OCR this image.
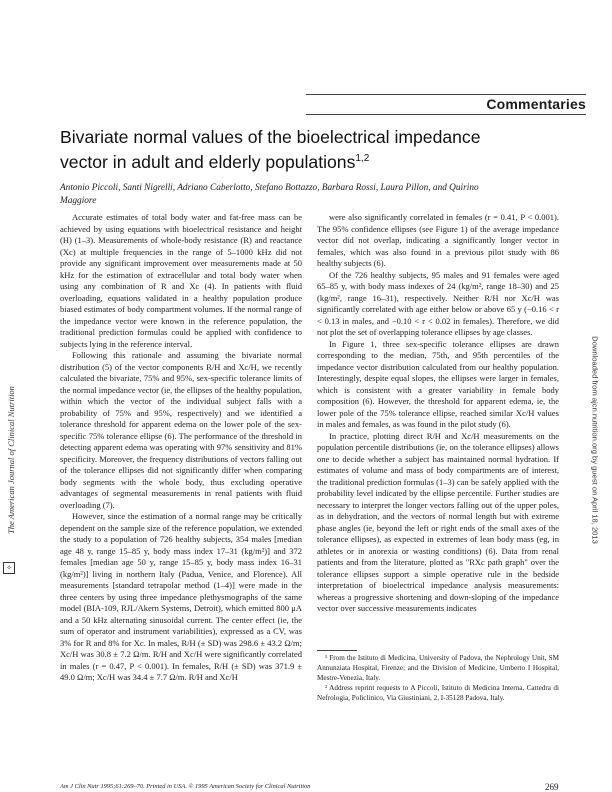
Commentaries
Bivariate normal values of the bioelectrical impedance vector in adult and elderly populations$^{1,2}$
Antonio Piccoli, Santi Nigrelli, Adriano Caberlotto, Stefano Bottazzo, Barbara Rossi, Laura Pillon, and Quirino Maggiore

Accurate estimates of total body water and fat-free mass can be achieved by using equations with bioelectrical resistance and height (H) (1–3). Measurements of whole-body resistance (R) and reactance (Xc) at multiple frequencies in the range of 5–1000 kHz did not provide any significant improvement over measurements made at 50 kHz for the estimation of extracellular and total body water when using any combination of R and Xc (4). In patients with fluid overloading, equations validated in a healthy population produce biased estimates of body compartment volumes. If the normal range of the impedance vector were known in the reference population, the traditional prediction formulas could be applied with confidence to subjects lying in the reference interval.

Following this rationale and assuming the bivariate normal distribution (5) of the vector components R/H and Xc/H, we recently calculated the bivariate, 75% and 95%, sex-specific tolerance limits of the normal impedance vector (ie, the ellipses of the healthy population, within which the vector of the individual subject falls with a probability of 75% and 95%, respectively) and we identified a tolerance threshold for apparent edema on the lower pole of the sex-specific 75% tolerance ellipse (6). The performance of the threshold in detecting apparent edema was operating with 97% sensitivity and 81% specificity. Moreover, the frequency distributions of vectors falling out of the tolerance ellipses did not significantly differ when comparing body segments with the whole body, thus excluding operative advantages of segmental measurements in renal patients with fluid overloading (7).

However, since the estimation of a normal range may be critically dependent on the sample size of the reference population, we extended the study to a population of 726 healthy subjects, 354 males [median age 48 y, range 15–85 y, body mass index 17–31 (kg/m²)] and 372 females [median age 50 y, range 15–85 y, body mass index 16–31 (kg/m²)] living in northern Italy (Padua, Venice, and Florence). All measurements [standard tetrapolar method (1–4)] were made in the three centers by using three impedance plethysmographs of the same model (BIA-109, RJL/Akern Systems, Detroit), which emitted 800 μA and a 50 kHz alternating sinusoidal current. The center effect (ie, the sum of operator and instrument variabilities), expressed as a CV, was 3% for R and 8% for Xc. In males, R/H (± SD) was 298.6 ± 43.2 Ω/m; Xc/H was 30.8 ± 7.2 Ω/m. R/H and Xc/H were significantly correlated in males (r = 0.47, P < 0.001). In females, R/H (± SD) was 371.9 ± 49.0 Ω/m; Xc/H was 34.4 ± 7.7 Ω/m. R/H and Xc/H

were also significantly correlated in females (r = 0.41, P < 0.001). The 95% confidence ellipses (see Figure 1) of the average impedance vector did not overlap, indicating a significantly longer vector in females, which was also found in a previous pilot study with 86 healthy subjects (6).

Of the 726 healthy subjects, 95 males and 91 females were aged 65–85 y, with body mass indexes of 24 (kg/m², range 18–30) and 25 (kg/m², range 16–31), respectively. Neither R/H nor Xc/H was significantly correlated with age either below or above 65 y (−0.16 < r < 0.13 in males, and −0.10 < r < 0.02 in females). Therefore, we did not plot the set of overlapping tolerance ellipses by age classes.

In Figure 1, three sex-specific tolerance ellipses are drawn corresponding to the median, 75th, and 95th percentiles of the impedance vector distribution calculated from our healthy population. Interestingly, despite equal slopes, the ellipses were larger in females, which is consistent with a greater variability in female body composition (6). However, the threshold for apparent edema, ie, the lower pole of the 75% tolerance ellipse, reached similar Xc/H values in males and females, as was found in the pilot study (6).

In practice, plotting direct R/H and Xc/H measurements on the population percentile distributions (ie, on the tolerance ellipses) allows one to decide whether a subject has maintained normal hydration. If estimates of volume and mass of body compartments are of interest, the traditional prediction formulas (1–3) can be safely applied with the probability level indicated by the ellipse percentile. Further studies are necessary to interpret the longer vectors falling out of the upper poles, as in dehydration, and the vectors of normal length but with extreme phase angles (ie, beyond the left or right ends of the small axes of the tolerance ellipses), as expected in extremes of lean body mass (eg, in athletes or in anorexia or wasting conditions) (6). Data from renal patients and from the literature, plotted as "RXc path graph" over the tolerance ellipses support a simple operative rule in the bedside interpretation of bioelectrical impedance analysis measurements: whereas a progressive shortening and down-sloping of the impedance vector over successive measurements indicates

¹ From the Istituto di Medicina, University of Padova, the Nephrology Unit, SM Annunziata Hospital, Firenze; and the Division of Medicine, Umberto I Hospital, Mestre-Venezia, Italy.

² Address reprint requests to A Piccoli, Istituto di Medicina Interna, Cattedra di Nefrologia, Policlinico, Via Giustiniani, 2, I-35128 Padova, Italy.

Am J Clin Nutr 1995;61:269–70. Printed in USA. © 1995 American Society for Clinical Nutrition	269
The American Journal of Clinical Nutrition
✧
Downloaded from ajcn.nutrition.org by guest on April 18, 2013
